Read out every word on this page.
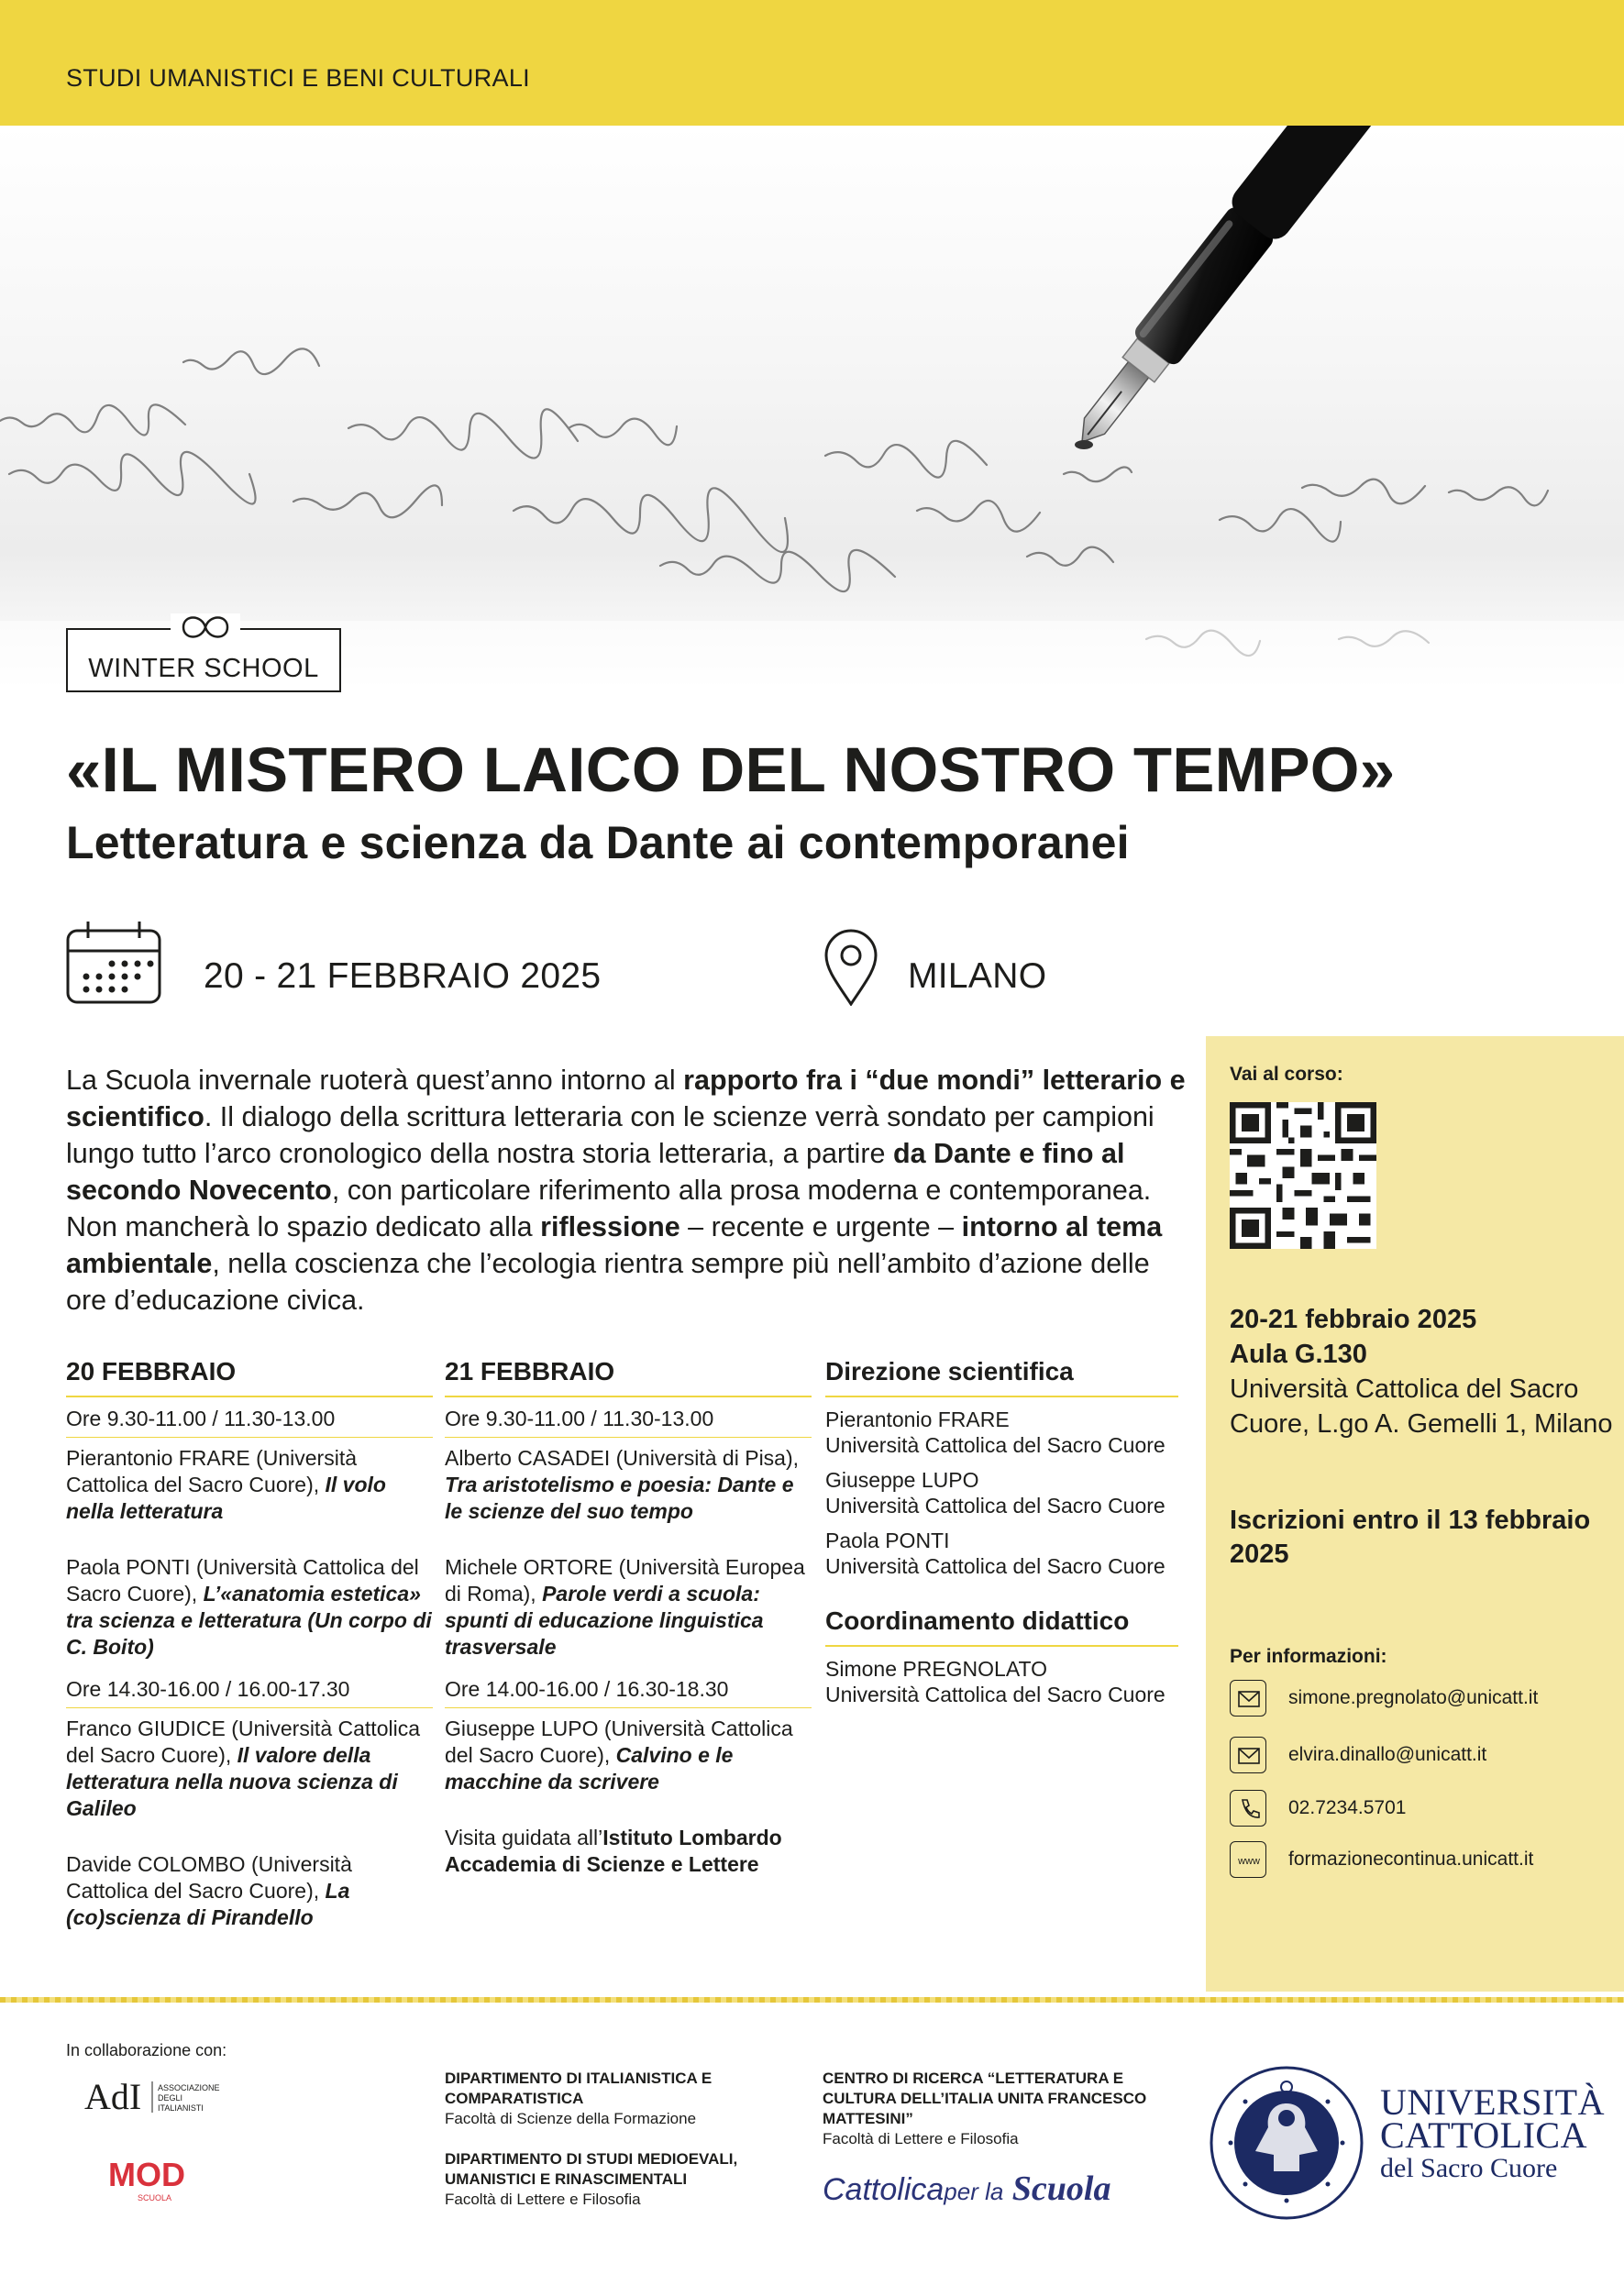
STUDI UMANISTICI E BENI CULTURALI
WINTER SCHOOL
«IL MISTERO LAICO DEL NOSTRO TEMPO»
Letteratura e scienza da Dante ai contemporanei
20 - 21 FEBBRAIO 2025	MILANO
La Scuola invernale ruoterà quest’anno intorno al rapporto fra i “due mondi” letterario e scientifico. Il dialogo della scrittura letteraria con le scienze verrà sondato per campioni lungo tutto l’arco cronologico della nostra storia letteraria, a partire da Dante e fino al secondo Novecento, con particolare riferimento alla prosa moderna e contemporanea. Non mancherà lo spazio dedicato alla riflessione – recente e urgente – intorno al tema ambientale, nella coscienza che l’ecologia rientra sempre più nell’ambito d’azione delle ore d’educazione civica.
20 FEBBRAIO
Ore 9.30-11.00 / 11.30-13.00
Pierantonio FRARE (Università Cattolica del Sacro Cuore), Il volo nella letteratura
Paola PONTI (Università Cattolica del Sacro Cuore), L’«anatomia estetica» tra scienza e letteratura (Un corpo di C. Boito)
Ore 14.30-16.00 / 16.00-17.30
Franco GIUDICE (Università Cattolica del Sacro Cuore), Il valore della letteratura nella nuova scienza di Galileo
Davide COLOMBO (Università Cattolica del Sacro Cuore), La (co)scienza di Pirandello
21 FEBBRAIO
Ore 9.30-11.00 / 11.30-13.00
Alberto CASADEI (Università di Pisa), Tra aristotelismo e poesia: Dante e le scienze del suo tempo
Michele ORTORE (Università Europea di Roma), Parole verdi a scuola: spunti di educazione linguistica trasversale
Ore 14.00-16.00 / 16.30-18.30
Giuseppe LUPO (Università Cattolica del Sacro Cuore), Calvino e le macchine da scrivere
Visita guidata all’Istituto Lombardo Accademia di Scienze e Lettere
Direzione scientifica
Pierantonio FRARE
Università Cattolica del Sacro Cuore
Giuseppe LUPO
Università Cattolica del Sacro Cuore
Paola PONTI
Università Cattolica del Sacro Cuore
Coordinamento didattico
Simone PREGNOLATO
Università Cattolica del Sacro Cuore
Vai al corso:
20-21 febbraio 2025
Aula G.130
Università Cattolica del Sacro Cuore, L.go A. Gemelli 1, Milano
Iscrizioni entro il 13 febbraio 2025
Per informazioni:
simone.pregnolato@unicatt.it
elvira.dinallo@unicatt.it
02.7234.5701
www formazionecontinua.unicatt.it
In collaborazione con:
AdI ASSOCIAZIONE
DEGLI
ITALIANISTI
MOD
SCUOLA
DIPARTIMENTO DI ITALIANISTICA E COMPARATISTICA
Facoltà di Scienze della Formazione
DIPARTIMENTO DI STUDI MEDIOEVALI, UMANISTICI E RINASCIMENTALI
Facoltà di Lettere e Filosofia
CENTRO DI RICERCA “LETTERATURA E CULTURA DELL’ITALIA UNITA FRANCESCO MATTESINI”
Facoltà di Lettere e Filosofia
Cattolicaper la Scuola
UNIVERSITÀ
CATTOLICA
del Sacro Cuore
